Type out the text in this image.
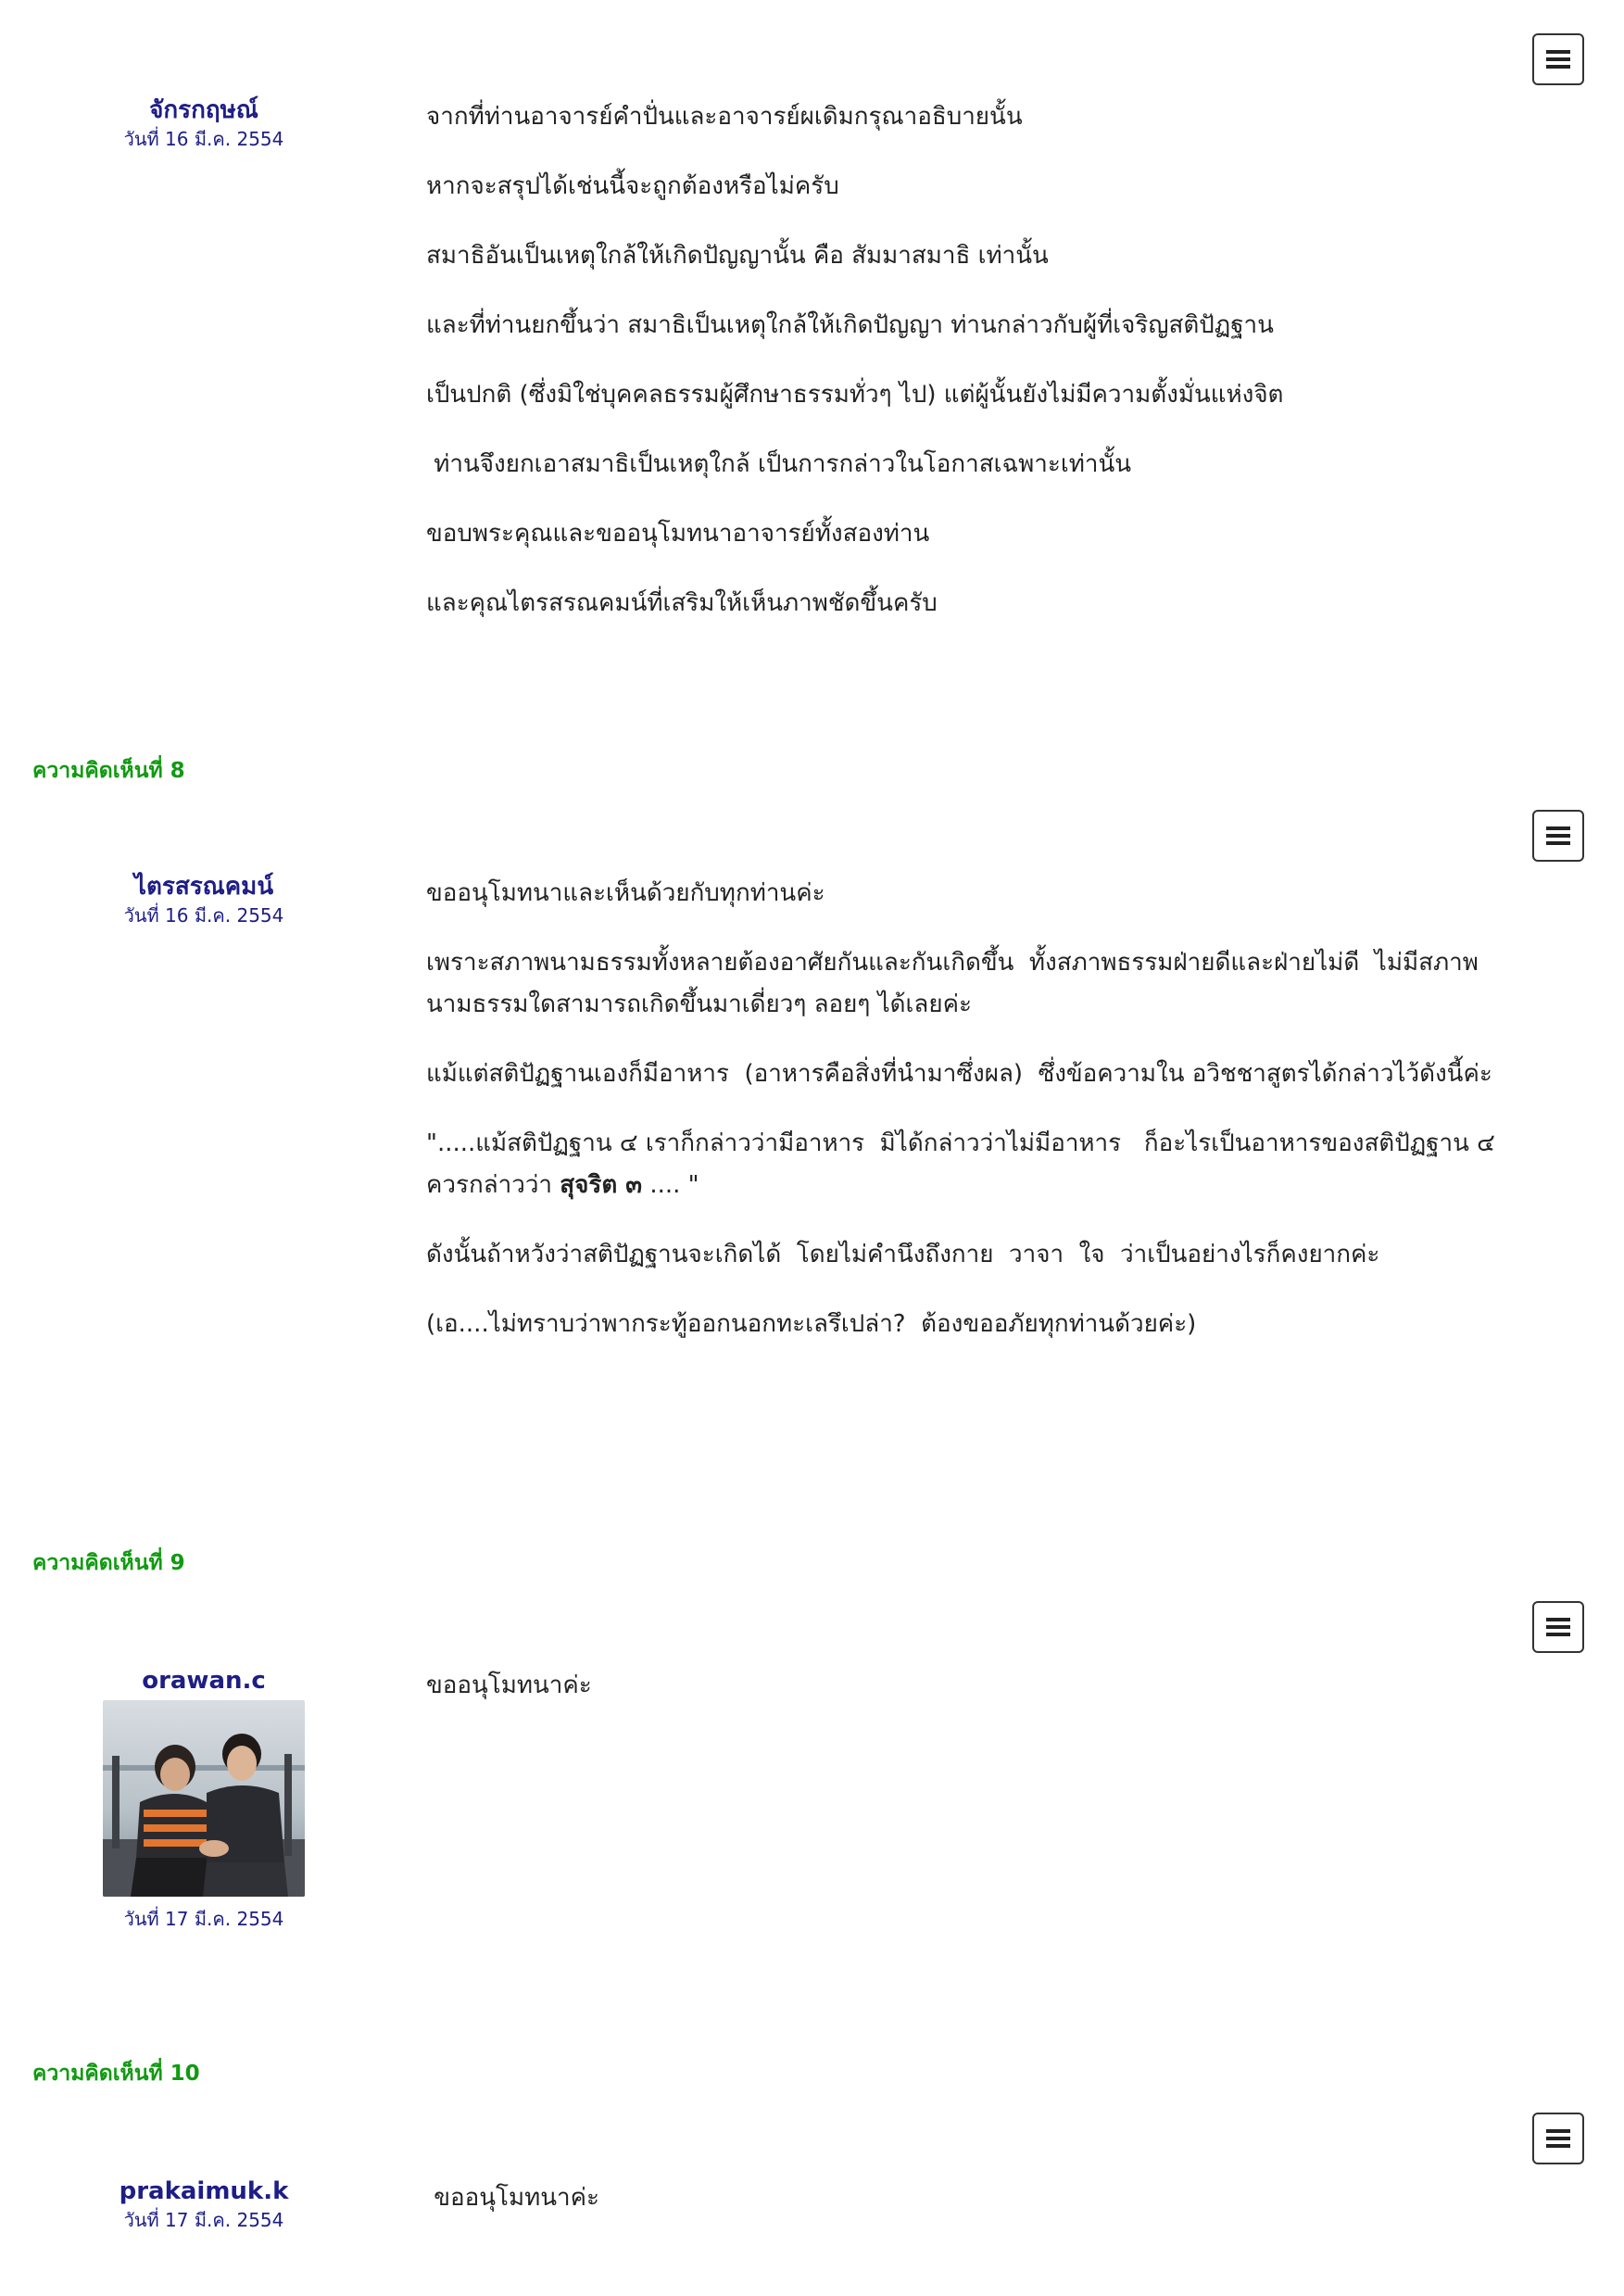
จักรกฤษณ์
วันที่ 16 มี.ค. 2554

จากที่ท่านอาจารย์คำปั่นและอาจารย์ผเดิมกรุณาอธิบายนั้น

หากจะสรุปได้เช่นนี้จะถูกต้องหรือไม่ครับ

สมาธิอันเป็นเหตุใกล้ให้เกิดปัญญานั้น คือ สัมมาสมาธิ เท่านั้น

และที่ท่านยกขึ้นว่า สมาธิเป็นเหตุใกล้ให้เกิดปัญญา ท่านกล่าวกับผู้ที่เจริญสติปัฏฐาน

เป็นปกติ (ซึ่งมิใช่บุคคลธรรมผู้ศึกษาธรรมทั่วๆ ไป) แต่ผู้นั้นยังไม่มีความตั้งมั่นแห่งจิต

ท่านจึงยกเอาสมาธิเป็นเหตุใกล้ เป็นการกล่าวในโอกาสเฉพาะเท่านั้น

ขอบพระคุณและขออนุโมทนาอาจารย์ทั้งสองท่าน

และคุณไตรสรณคมน์ที่เสริมให้เห็นภาพชัดขึ้นครับ

ความคิดเห็นที่ 8
ไตรสรณคมน์
วันที่ 16 มี.ค. 2554

ขออนุโมทนาและเห็นด้วยกับทุกท่านค่ะ

เพราะสภาพนามธรรมทั้งหลายต้องอาศัยกันและกันเกิดขึ้น  ทั้งสภาพธรรมฝ่ายดีและฝ่ายไม่ดี  ไม่มีสภาพนามธรรมใดสามารถเกิดขึ้นมาเดี่ยวๆ ลอยๆ ได้เลยค่ะ

แม้แต่สติปัฏฐานเองก็มีอาหาร  (อาหารคือสิ่งที่นำมาซึ่งผล)  ซึ่งข้อความใน อวิชชาสูตรได้กล่าวไว้ดังนี้ค่ะ

".....แม้สติปัฏฐาน ๔ เราก็กล่าวว่ามีอาหาร  มิได้กล่าวว่าไม่มีอาหาร   ก็อะไรเป็นอาหารของสติปัฏฐาน ๔  ควรกล่าวว่า สุจริต ๓ .... "

ดังนั้นถ้าหวังว่าสติปัฏฐานจะเกิดได้  โดยไม่คำนึงถึงกาย  วาจา  ใจ  ว่าเป็นอย่างไรก็คงยากค่ะ

(เอ....ไม่ทราบว่าพากระทู้ออกนอกทะเลรึเปล่า?  ต้องขออภัยทุกท่านด้วยค่ะ)

ความคิดเห็นที่ 9
orawan.c
วันที่ 17 มี.ค. 2554

ขออนุโมทนาค่ะ

ความคิดเห็นที่ 10
prakaimuk.k
วันที่ 17 มี.ค. 2554

ขออนุโมทนาค่ะ
